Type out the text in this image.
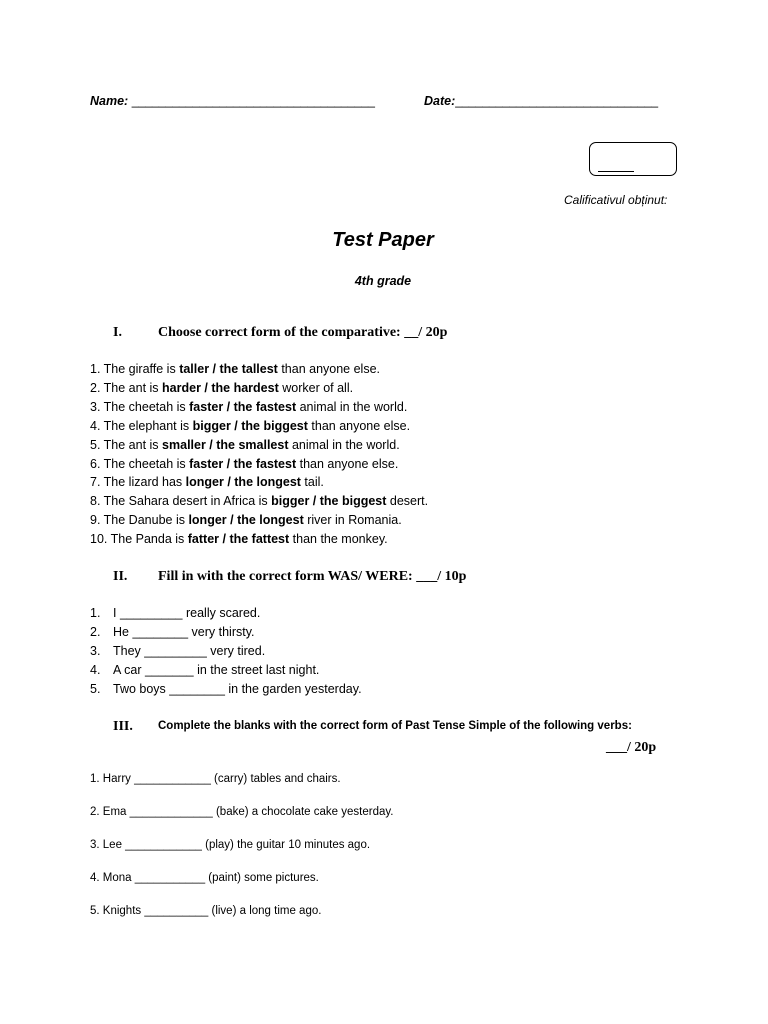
Name: ____________________________________	Date:______________________________
Calificativul obținut:
Test Paper
4th grade
I.	Choose correct form of the comparative: __/ 20p
1. The giraffe is taller / the tallest than anyone else.
2. The ant is harder / the hardest worker of all.
3. The cheetah is faster / the fastest animal in the world.
4. The elephant is bigger / the biggest than anyone else.
5. The ant is smaller / the smallest animal in the world.
6. The cheetah is faster / the fastest than anyone else.
7. The lizard has longer / the longest tail.
8. The Sahara desert in Africa is bigger / the biggest desert.
9. The Danube is longer / the longest river in Romania.
10. The Panda is fatter / the fattest than the monkey.
II. Fill in with the correct form WAS/ WERE: ___/ 10p
1. I _________ really scared.
2. He ________ very thirsty.
3. They _________ very tired.
4. A car _______ in the street last night.
5. Two boys ________ in the garden yesterday.
III. Complete the blanks with the correct form of Past Tense Simple of the following verbs:
___/ 20p
1. Harry ____________ (carry) tables and chairs.
2. Ema _____________ (bake) a chocolate cake yesterday.
3. Lee ____________ (play) the guitar 10 minutes ago.
4. Mona ___________ (paint) some pictures.
5. Knights __________ (live) a long time ago.
